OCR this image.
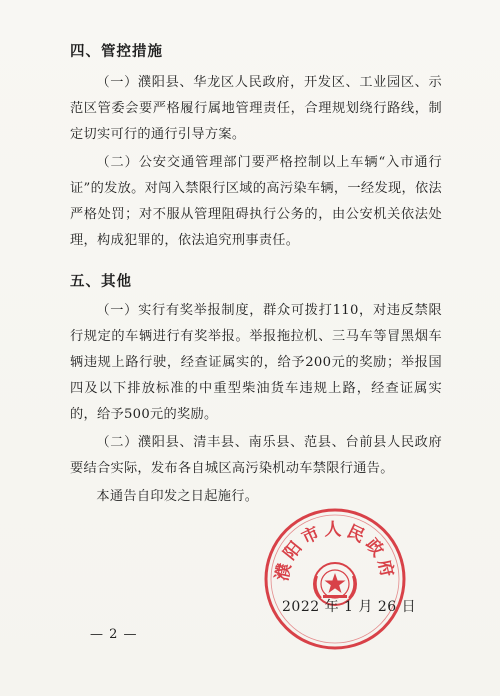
四、管控措施
（一）濮阳县、华龙区人民政府，开发区、工业园区、示范区管委会要严格履行属地管理责任，合理规划绕行路线，制定切实可行的通行引导方案。
（二）公安交通管理部门要严格控制以上车辆“入市通行证”的发放。对闯入禁限行区域的高污染车辆，一经发现，依法严格处罚；对不服从管理阻碍执行公务的，由公安机关依法处理，构成犯罪的，依法追究刑事责任。
五、其他
（一）实行有奖举报制度，群众可拨打110，对违反禁限行规定的车辆进行有奖举报。举报拖拉机、三马车等冒黑烟车辆违规上路行驶，经查证属实的，给予200元的奖励；举报国四及以下排放标准的中重型柴油货车违规上路，经查证属实的，给予500元的奖励。
（二）濮阳县、清丰县、南乐县、范县、台前县人民政府要结合实际，发布各自城区高污染机动车禁限行通告。
本通告自印发之日起施行。
濮阳市人民政府
2022 年 1 月 26 日
— 2 —
